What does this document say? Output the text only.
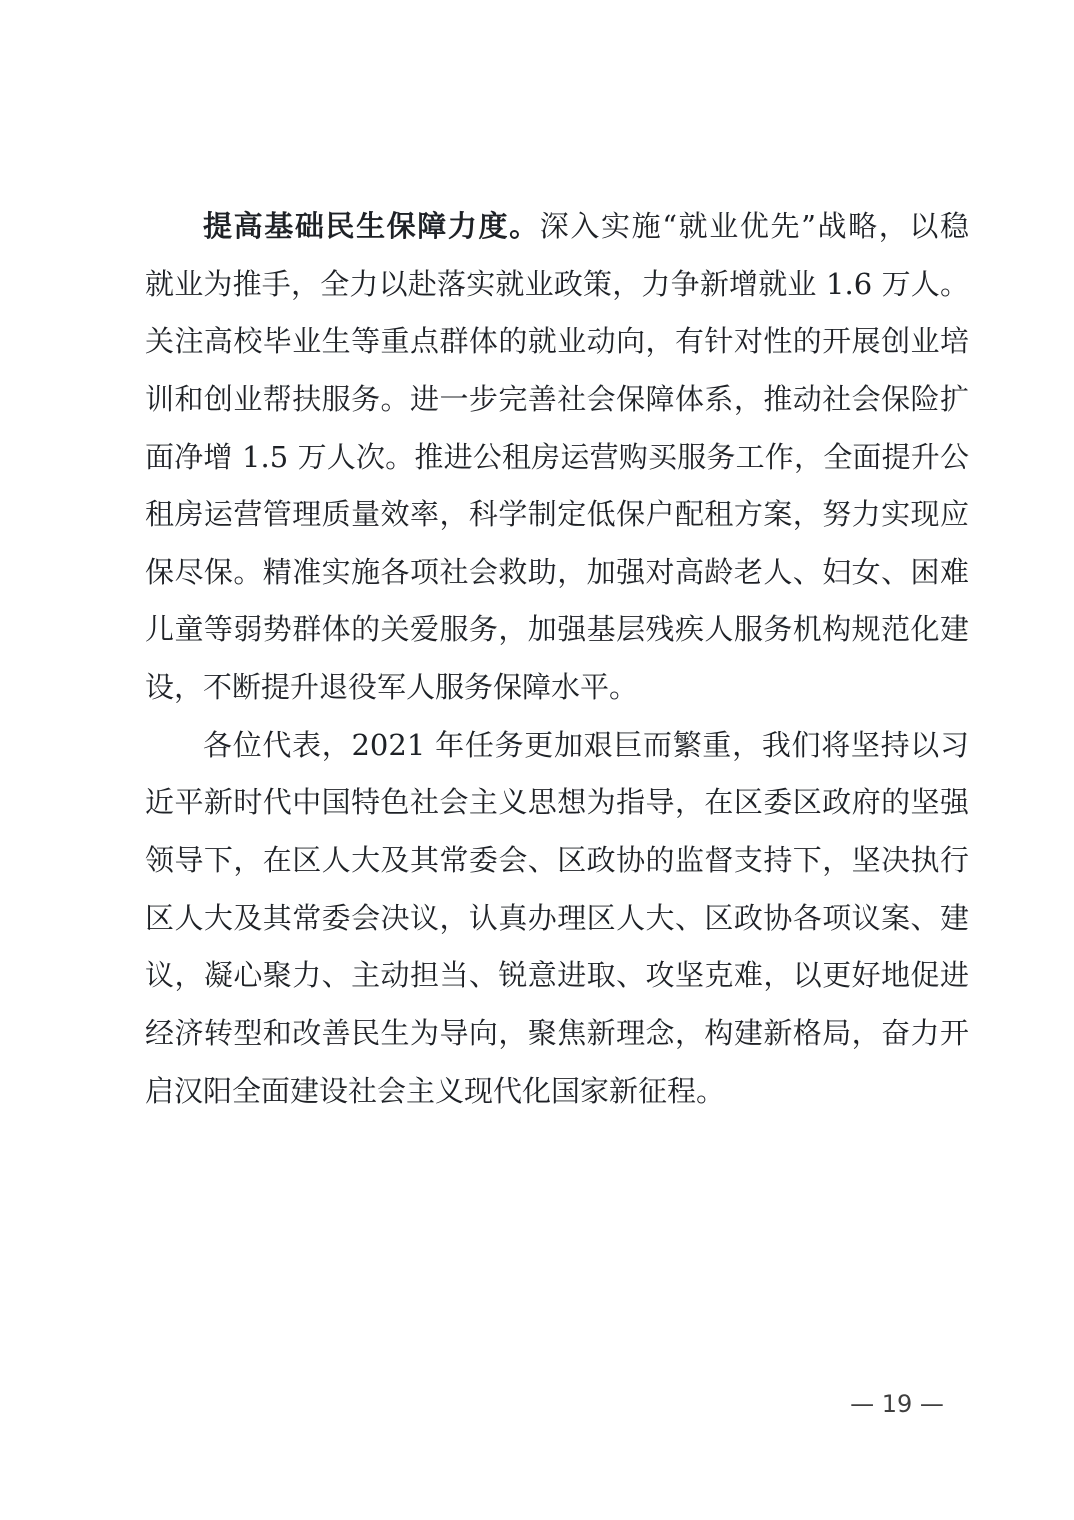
提高基础民生保障力度。深入实施“就业优先”战略，以稳
就业为推手，全力以赴落实就业政策，力争新增就业 1.6 万人。
关注高校毕业生等重点群体的就业动向，有针对性的开展创业培
训和创业帮扶服务。进一步完善社会保障体系，推动社会保险扩
面净增 1.5 万人次。推进公租房运营购买服务工作，全面提升公
租房运营管理质量效率，科学制定低保户配租方案，努力实现应
保尽保。精准实施各项社会救助，加强对高龄老人、妇女、困难
儿童等弱势群体的关爱服务，加强基层残疾人服务机构规范化建
设，不断提升退役军人服务保障水平。
各位代表，2021 年任务更加艰巨而繁重，我们将坚持以习
近平新时代中国特色社会主义思想为指导，在区委区政府的坚强
领导下，在区人大及其常委会、区政协的监督支持下，坚决执行
区人大及其常委会决议，认真办理区人大、区政协各项议案、建
议，凝心聚力、主动担当、锐意进取、攻坚克难，以更好地促进
经济转型和改善民生为导向，聚焦新理念，构建新格局，奋力开
启汉阳全面建设社会主义现代化国家新征程。
— 19 —
